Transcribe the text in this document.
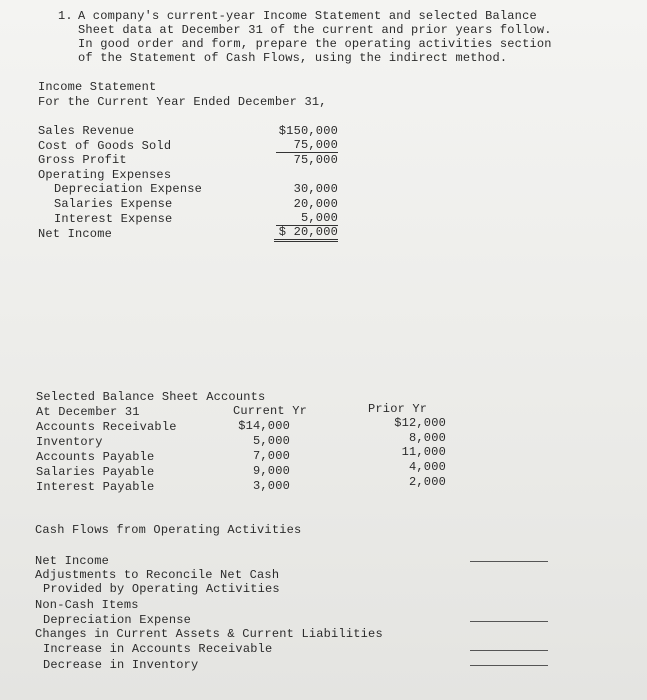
1. A company's current-year Income Statement and selected Balance
Sheet data at December 31 of the current and prior years follow.
In good order and form, prepare the operating activities section
of the Statement of Cash Flows, using the indirect method.
Income Statement
For the Current Year Ended December 31,
Sales Revenue	$150,000
Cost of Goods Sold	75,000
Gross Profit	75,000
Operating Expenses
Depreciation Expense	30,000
Salaries Expense	20,000
Interest Expense	5,000
Net Income	$ 20,000
Selected Balance Sheet Accounts
At December 31	Current Yr	Prior Yr
Accounts Receivable	$14,000	$12,000
Inventory	5,000	8,000
Accounts Payable	7,000	11,000
Salaries Payable	9,000	4,000
Interest Payable	3,000	2,000
Cash Flows from Operating Activities
Net Income
Adjustments to Reconcile Net Cash
Provided by Operating Activities
Non-Cash Items
Depreciation Expense
Changes in Current Assets & Current Liabilities
Increase in Accounts Receivable
Decrease in Inventory
